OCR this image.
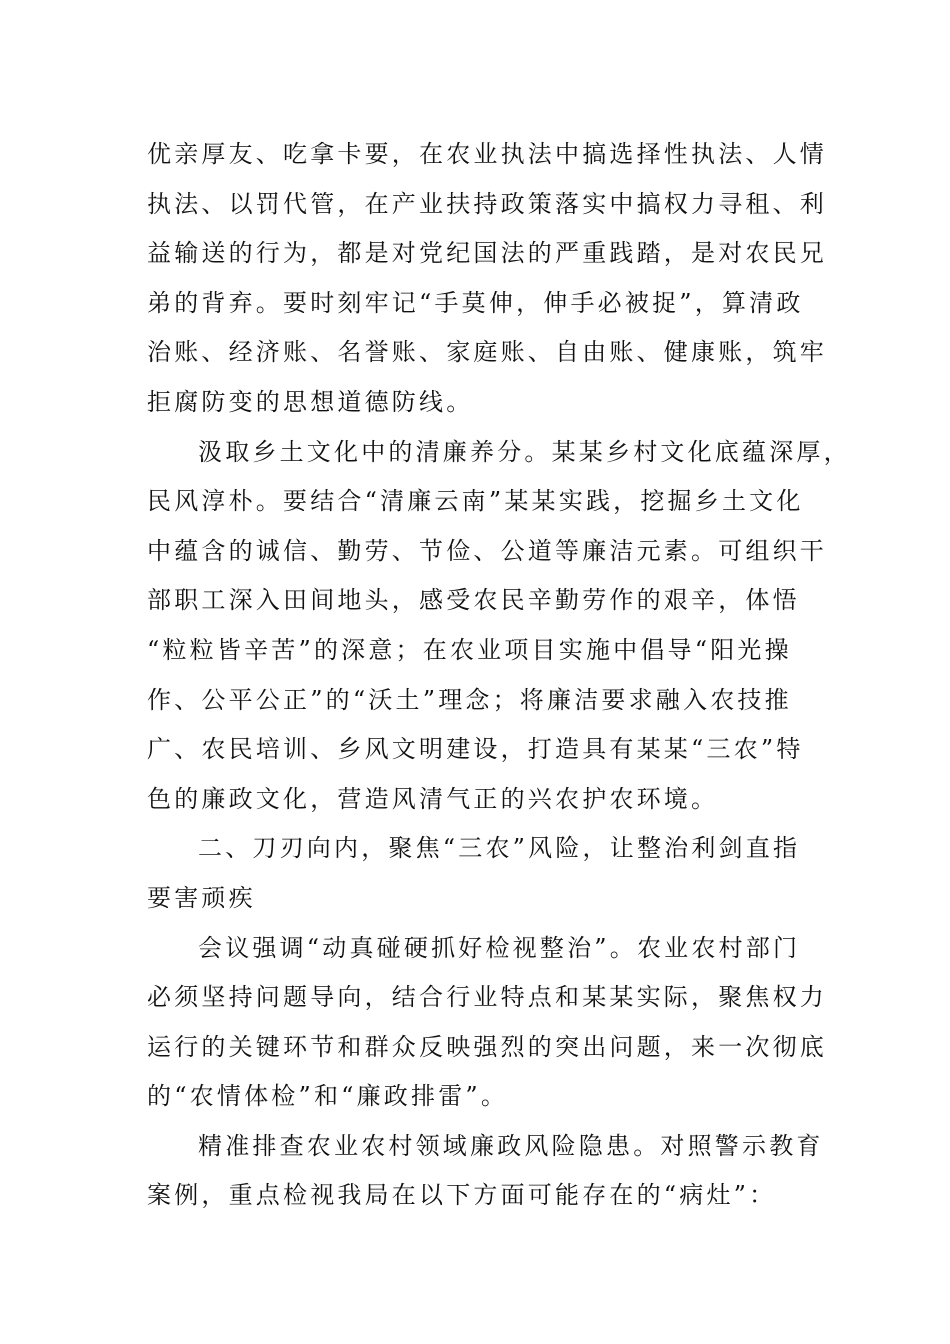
优亲厚友、吃拿卡要，在农业执法中搞选择性执法、人情
执法、以罚代管，在产业扶持政策落实中搞权力寻租、利
益输送的行为，都是对党纪国法的严重践踏，是对农民兄
弟的背弃。要时刻牢记“手莫伸，伸手必被捉”，算清政
治账、经济账、名誉账、家庭账、自由账、健康账，筑牢
拒腐防变的思想道德防线。
汲取乡土文化中的清廉养分。某某乡村文化底蕴深厚，
民风淳朴。要结合“清廉云南”某某实践，挖掘乡土文化
中蕴含的诚信、勤劳、节俭、公道等廉洁元素。可组织干
部职工深入田间地头，感受农民辛勤劳作的艰辛，体悟
“粒粒皆辛苦”的深意；在农业项目实施中倡导“阳光操
作、公平公正”的“沃土”理念；将廉洁要求融入农技推
广、农民培训、乡风文明建设，打造具有某某“三农”特
色的廉政文化，营造风清气正的兴农护农环境。
二、刀刃向内，聚焦“三农”风险，让整治利剑直指
要害顽疾
会议强调“动真碰硬抓好检视整治”。农业农村部门
必须坚持问题导向，结合行业特点和某某实际，聚焦权力
运行的关键环节和群众反映强烈的突出问题，来一次彻底
的“农情体检”和“廉政排雷”。
精准排查农业农村领域廉政风险隐患。对照警示教育
案例，重点检视我局在以下方面可能存在的“病灶”：
